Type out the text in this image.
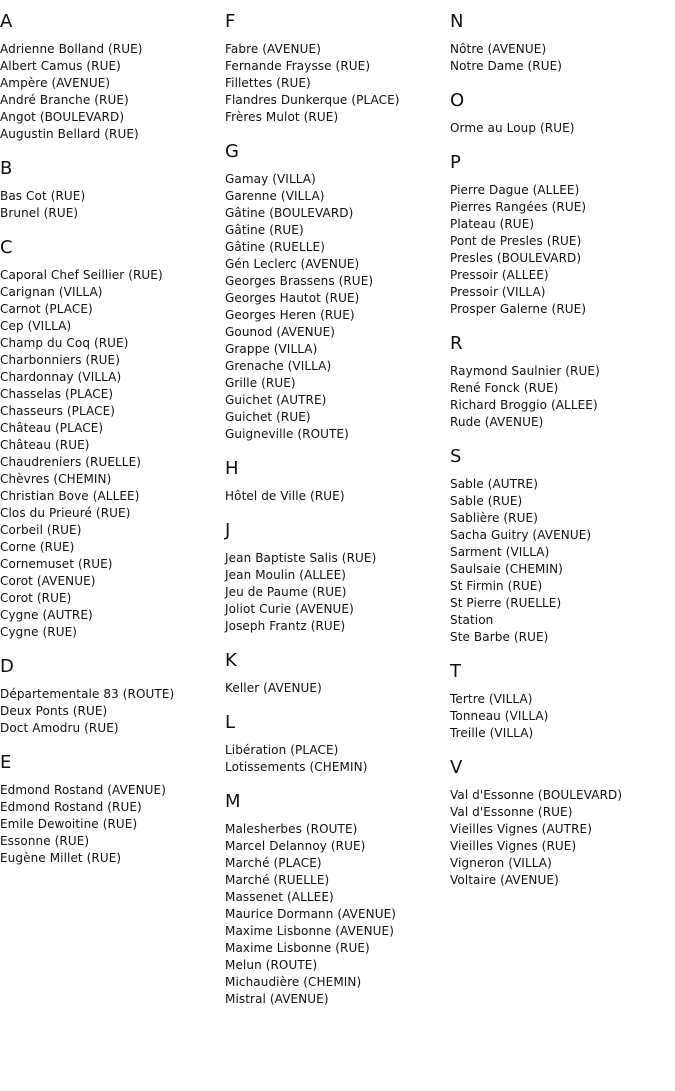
A
Adrienne Bolland (RUE)
Albert Camus (RUE)
Ampère (AVENUE)
André Branche (RUE)
Angot (BOULEVARD)
Augustin Bellard (RUE)
B
Bas Cot (RUE)
Brunel (RUE)
C
Caporal Chef Seillier (RUE)
Carignan (VILLA)
Carnot (PLACE)
Cep (VILLA)
Champ du Coq (RUE)
Charbonniers (RUE)
Chardonnay (VILLA)
Chasselas (PLACE)
Chasseurs (PLACE)
Château (PLACE)
Château (RUE)
Chaudreniers (RUELLE)
Chèvres (CHEMIN)
Christian Bove (ALLEE)
Clos du Prieuré (RUE)
Corbeil (RUE)
Corne (RUE)
Cornemuset (RUE)
Corot (AVENUE)
Corot (RUE)
Cygne (AUTRE)
Cygne (RUE)
D
Départementale 83 (ROUTE)
Deux Ponts (RUE)
Doct Amodru (RUE)
E
Edmond Rostand (AVENUE)
Edmond Rostand (RUE)
Emile Dewoitine (RUE)
Essonne (RUE)
Eugène Millet (RUE)
F
Fabre (AVENUE)
Fernande Fraysse (RUE)
Fillettes (RUE)
Flandres Dunkerque (PLACE)
Frères Mulot (RUE)
G
Gamay (VILLA)
Garenne (VILLA)
Gâtine (BOULEVARD)
Gâtine (RUE)
Gâtine (RUELLE)
Gén Leclerc (AVENUE)
Georges Brassens (RUE)
Georges Hautot (RUE)
Georges Heren (RUE)
Gounod (AVENUE)
Grappe (VILLA)
Grenache (VILLA)
Grille (RUE)
Guichet (AUTRE)
Guichet (RUE)
Guigneville (ROUTE)
H
Hôtel de Ville (RUE)
J
Jean Baptiste Salis (RUE)
Jean Moulin (ALLEE)
Jeu de Paume (RUE)
Joliot Curie (AVENUE)
Joseph Frantz (RUE)
K
Keller (AVENUE)
L
Libération (PLACE)
Lotissements (CHEMIN)
M
Malesherbes (ROUTE)
Marcel Delannoy (RUE)
Marché (PLACE)
Marché (RUELLE)
Massenet (ALLEE)
Maurice Dormann (AVENUE)
Maxime Lisbonne (AVENUE)
Maxime Lisbonne (RUE)
Melun (ROUTE)
Michaudière (CHEMIN)
Mistral (AVENUE)
N
Nôtre (AVENUE)
Notre Dame (RUE)
O
Orme au Loup (RUE)
P
Pierre Dague (ALLEE)
Pierres Rangées (RUE)
Plateau (RUE)
Pont de Presles (RUE)
Presles (BOULEVARD)
Pressoir (ALLEE)
Pressoir (VILLA)
Prosper Galerne (RUE)
R
Raymond Saulnier (RUE)
René Fonck (RUE)
Richard Broggio (ALLEE)
Rude (AVENUE)
S
Sable (AUTRE)
Sable (RUE)
Sablière (RUE)
Sacha Guitry (AVENUE)
Sarment (VILLA)
Saulsaie (CHEMIN)
St Firmin (RUE)
St Pierre (RUELLE)
Station
Ste Barbe (RUE)
T
Tertre (VILLA)
Tonneau (VILLA)
Treille (VILLA)
V
Val d'Essonne (BOULEVARD)
Val d'Essonne (RUE)
Vieilles Vignes (AUTRE)
Vieilles Vignes (RUE)
Vigneron (VILLA)
Voltaire (AVENUE)
